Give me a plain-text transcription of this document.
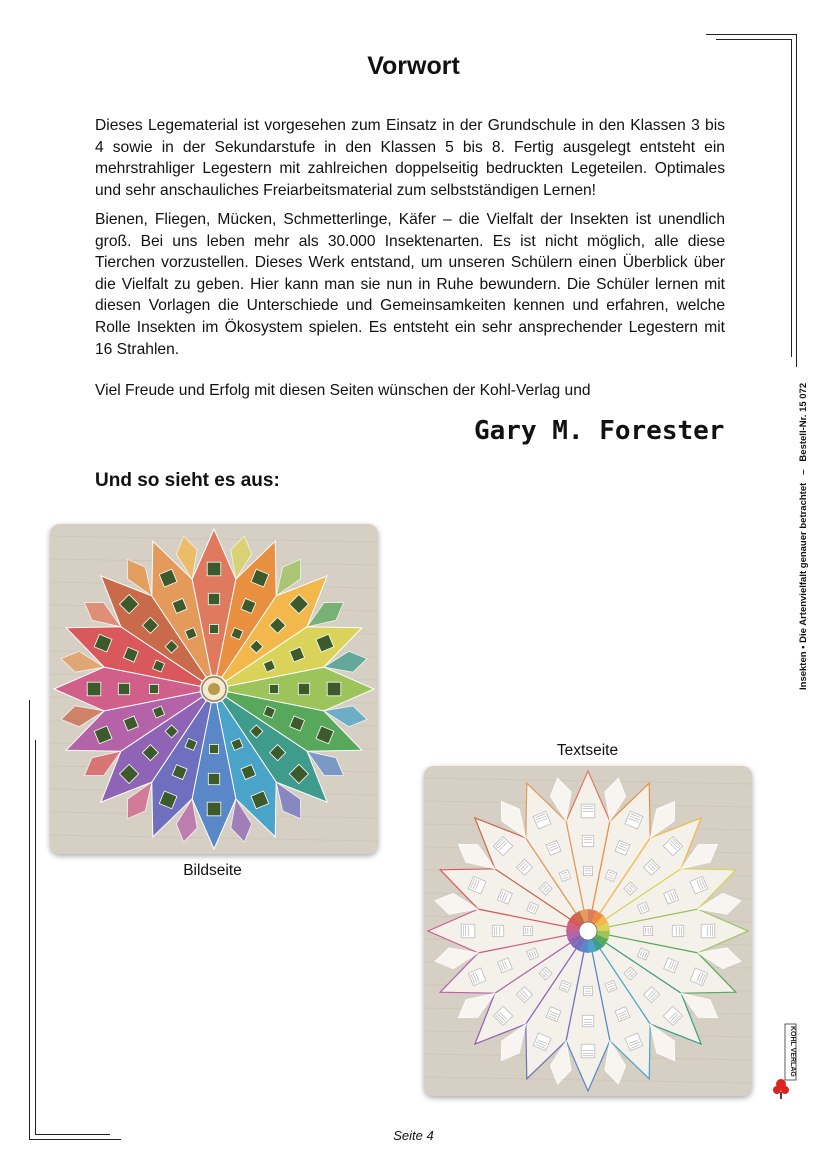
Vorwort

Dieses Legematerial ist vorgesehen zum Einsatz in der Grundschule in den Klassen 3 bis 4 sowie in der Sekundarstufe in den Klassen 5 bis 8. Fertig ausgelegt entsteht ein mehrstrahliger Legestern mit zahlreichen doppelseitig bedruckten Legeteilen. Optimales und sehr anschauliches Freiarbeitsmaterial zum selbstständigen Lernen!

Bienen, Fliegen, Mücken, Schmetterlinge, Käfer – die Vielfalt der Insekten ist unendlich groß. Bei uns leben mehr als 30.000 Insektenarten. Es ist nicht möglich, alle diese Tierchen vorzustellen. Dieses Werk entstand, um unseren Schülern einen Überblick über die Vielfalt zu geben. Hier kann man sie nun in Ruhe bewundern. Die Schüler lernen mit diesen Vorlagen die Unterschiede und Gemeinsamkeiten kennen und erfahren, welche Rolle Insekten im Ökosystem spielen. Es entsteht ein sehr ansprechender Legestern mit 16 Strahlen.

Viel Freude und Erfolg mit diesen Seiten wünschen der Kohl-Verlag und

Gary M. Forester
Und so sieht es aus:
Bildseite
Textseite
Insekten • Die Artenvielfalt genauer betrachtet   –   Bestell-Nr. 15 072
KOHL VERLAG
Seite 4
